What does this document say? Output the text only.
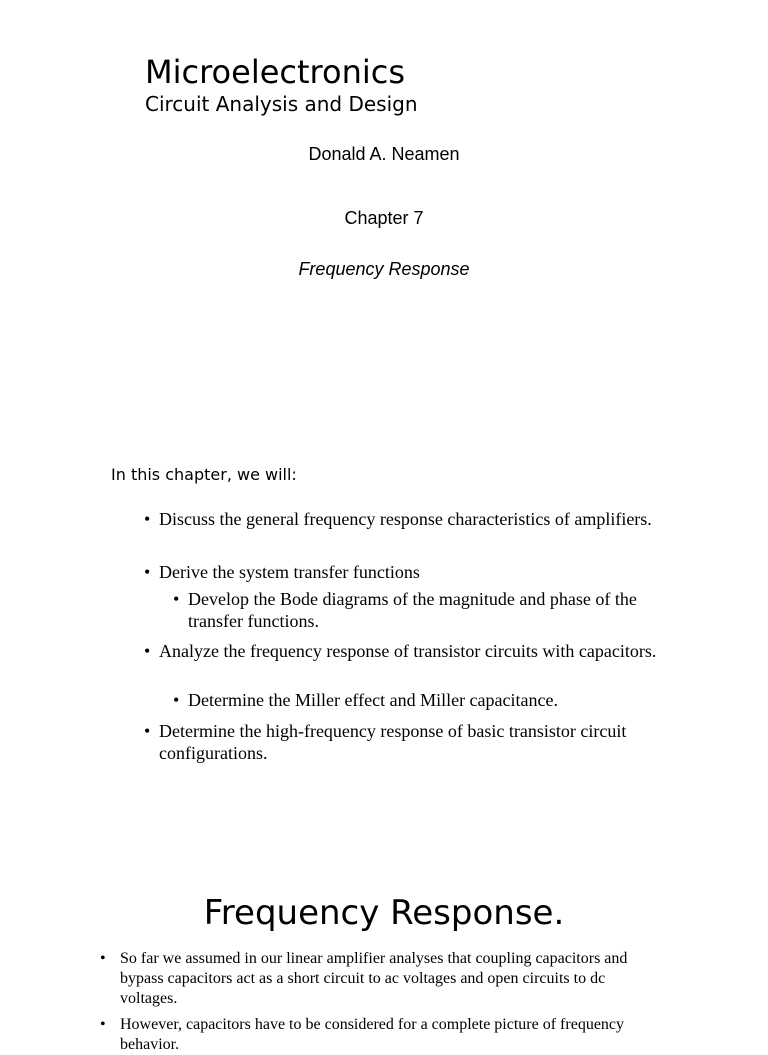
Microelectronics
Circuit Analysis and Design
Donald A. Neamen
Chapter 7
Frequency Response
In this chapter, we will:
• Discuss the general frequency response characteristics of amplifiers.
• Derive the system transfer functions
• Develop the Bode diagrams of the magnitude and phase of the transfer functions.
• Analyze the frequency response of transistor circuits with capacitors.
• Determine the Miller effect and Miller capacitance.
• Determine the high-frequency response of basic transistor circuit configurations.
Frequency Response.
• So far we assumed in our linear amplifier analyses that coupling capacitors and bypass capacitors act as a short circuit to ac voltages and open circuits to dc voltages.
• However, capacitors have to be considered for a complete picture of frequency behavior.
